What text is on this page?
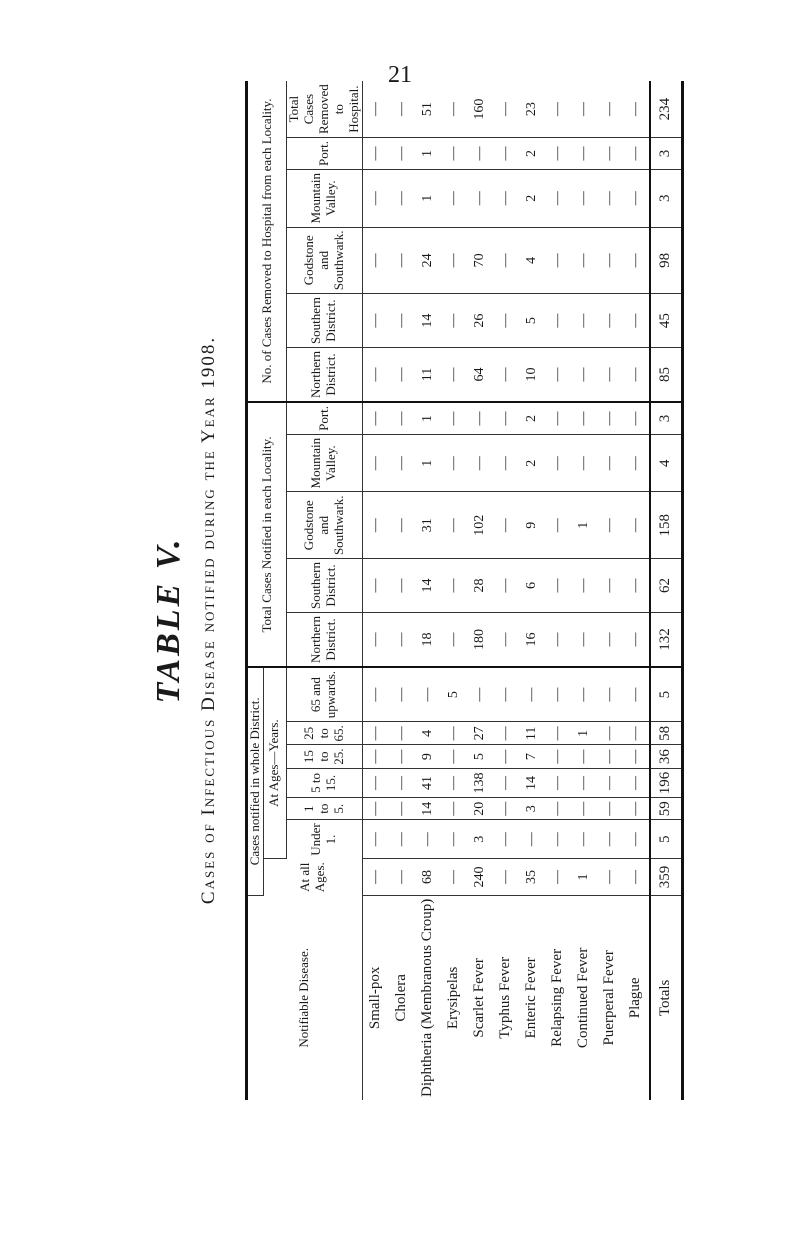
21
TABLE V. Cases of Infectious Disease notified during the Year 1908.
Notifiable Disease.	Cases notified in whole District.							Total Cases Notified in each Locality.					No. of Cases Removed to Hospital from each Locality.					
	At all Ages.	At Ages—Years.																
		Under 1.	1 to 5.	5 to 15.	15 to 25.	25 to 65.	65 and upwards.	Northern District.	Southern District.	Godstone and Southwark.	Mountain Valley.	Port.	Northern District.	Southern District.	Godstone and Southwark.	Mountain Valley.	Port.	Total Cases Removed to Hospital.
Small-pox	—	—	—	—	—	—	—	—	—	—	—	—	—	—	—	—	—	—
Cholera	—	—	—	—	—	—	—	—	—	—	—	—	—	—	—	—	—	—
Diphtheria (Membranous Croup)	68	—	14	41	9	4	—	18	14	31	1	1	11	14	24	1	1	51
Erysipelas	—	—	—	—	—	—	5	—	—	—	—	—	—	—	—	—	—	—
Scarlet Fever	240	3	20	138	5	27	—	180	28	102	—	—	64	26	70	—	—	160
Typhus Fever	—	—	—	—	—	—	—	—	—	—	—	—	—	—	—	—	—	—
Enteric Fever	35	—	3	14	7	11	—	16	6	9	2	2	10	5	4	2	2	23
Relapsing Fever	—	—	—	—	—	—	—	—	—	—	—	—	—	—	—	—	—	—
Continued Fever	1	—	—	—	—	1	—	—	—	1	—	—	—	—	—	—	—	—
Puerperal Fever	—	—	—	—	—	—	—	—	—	—	—	—	—	—	—	—	—	—
Plague	—	—	—	—	—	—	—	—	—	—	—	—	—	—	—	—	—	—
Totals	359	5	59	196	36	58	5	132	62	158	4	3	85	45	98	3	3	234
